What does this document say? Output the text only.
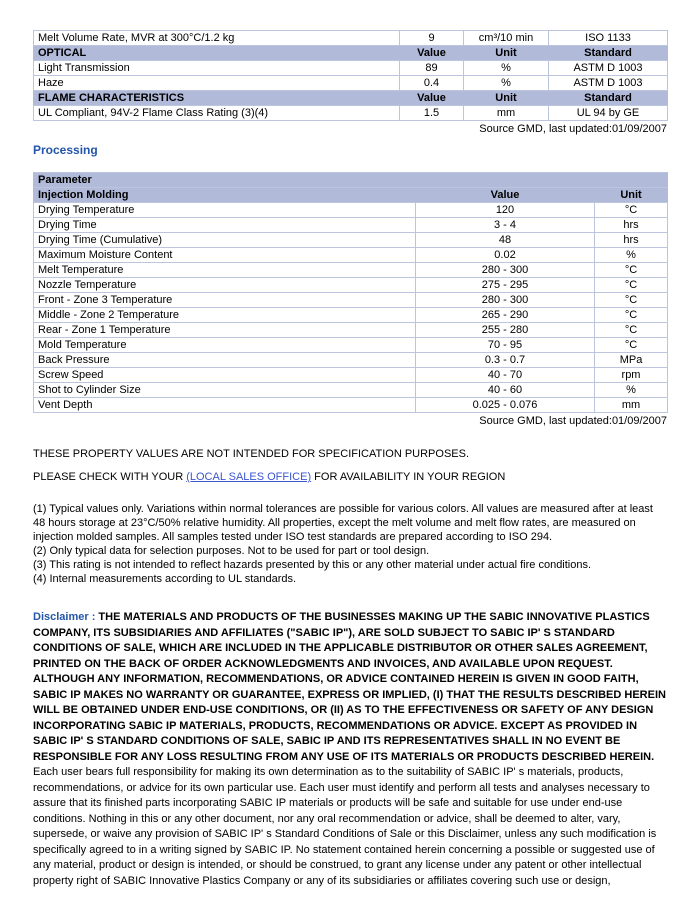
Melt Volume Rate, MVR at 300°C/1.2 kg	9	cm³/10 min	ISO 1133
OPTICAL	Value	Unit	Standard
Light Transmission	89	%	ASTM D 1003
Haze	0.4	%	ASTM D 1003
FLAME CHARACTERISTICS	Value	Unit	Standard
UL Compliant, 94V-2 Flame Class Rating (3)(4)	1.5	mm	UL 94 by GE
Source GMD, last updated:01/09/2007
Processing
Parameter		
Injection Molding	Value	Unit
Drying Temperature	120	°C
Drying Time	3 - 4	hrs
Drying Time (Cumulative)	48	hrs
Maximum Moisture Content	0.02	%
Melt Temperature	280 - 300	°C
Nozzle Temperature	275 - 295	°C
Front - Zone 3 Temperature	280 - 300	°C
Middle - Zone 2 Temperature	265 - 290	°C
Rear - Zone 1 Temperature	255 - 280	°C
Mold Temperature	70 - 95	°C
Back Pressure	0.3 - 0.7	MPa
Screw Speed	40 - 70	rpm
Shot to Cylinder Size	40 - 60	%
Vent Depth	0.025 - 0.076	mm
Source GMD, last updated:01/09/2007
THESE PROPERTY VALUES ARE NOT INTENDED FOR SPECIFICATION PURPOSES.
PLEASE CHECK WITH YOUR (LOCAL SALES OFFICE) FOR AVAILABILITY IN YOUR REGION
(1) Typical values only. Variations within normal tolerances are possible for various colors. All values are measured after at least 48 hours storage at 23°C/50% relative humidity. All properties, except the melt volume and melt flow rates, are measured on injection molded samples. All samples tested under ISO test standards are prepared according to ISO 294.
(2) Only typical data for selection purposes. Not to be used for part or tool design.
(3) This rating is not intended to reflect hazards presented by this or any other material under actual fire conditions.
(4) Internal measurements according to UL standards.

Disclaimer : THE MATERIALS AND PRODUCTS OF THE BUSINESSES MAKING UP THE SABIC INNOVATIVE PLASTICS COMPANY, ITS SUBSIDIARIES AND AFFILIATES ("SABIC IP"), ARE SOLD SUBJECT TO SABIC IP' S STANDARD CONDITIONS OF SALE, WHICH ARE INCLUDED IN THE APPLICABLE DISTRIBUTOR OR OTHER SALES AGREEMENT, PRINTED ON THE BACK OF ORDER ACKNOWLEDGMENTS AND INVOICES, AND AVAILABLE UPON REQUEST. ALTHOUGH ANY INFORMATION, RECOMMENDATIONS, OR ADVICE CONTAINED HEREIN IS GIVEN IN GOOD FAITH, SABIC IP MAKES NO WARRANTY OR GUARANTEE, EXPRESS OR IMPLIED, (I) THAT THE RESULTS DESCRIBED HEREIN WILL BE OBTAINED UNDER END-USE CONDITIONS, OR (II) AS TO THE EFFECTIVENESS OR SAFETY OF ANY DESIGN INCORPORATING SABIC IP MATERIALS, PRODUCTS, RECOMMENDATIONS OR ADVICE. EXCEPT AS PROVIDED IN SABIC IP' S STANDARD CONDITIONS OF SALE, SABIC IP AND ITS REPRESENTATIVES SHALL IN NO EVENT BE RESPONSIBLE FOR ANY LOSS RESULTING FROM ANY USE OF ITS MATERIALS OR PRODUCTS DESCRIBED HEREIN. Each user bears full responsibility for making its own determination as to the suitability of SABIC IP' s materials, products, recommendations, or advice for its own particular use. Each user must identify and perform all tests and analyses necessary to assure that its finished parts incorporating SABIC IP materials or products will be safe and suitable for use under end-use conditions. Nothing in this or any other document, nor any oral recommendation or advice, shall be deemed to alter, vary, supersede, or waive any provision of SABIC IP' s Standard Conditions of Sale or this Disclaimer, unless any such modification is specifically agreed to in a writing signed by SABIC IP. No statement contained herein concerning a possible or suggested use of any material, product or design is intended, or should be construed, to grant any license under any patent or other intellectual property right of SABIC Innovative Plastics Company or any of its subsidiaries or affiliates covering such use or design,
